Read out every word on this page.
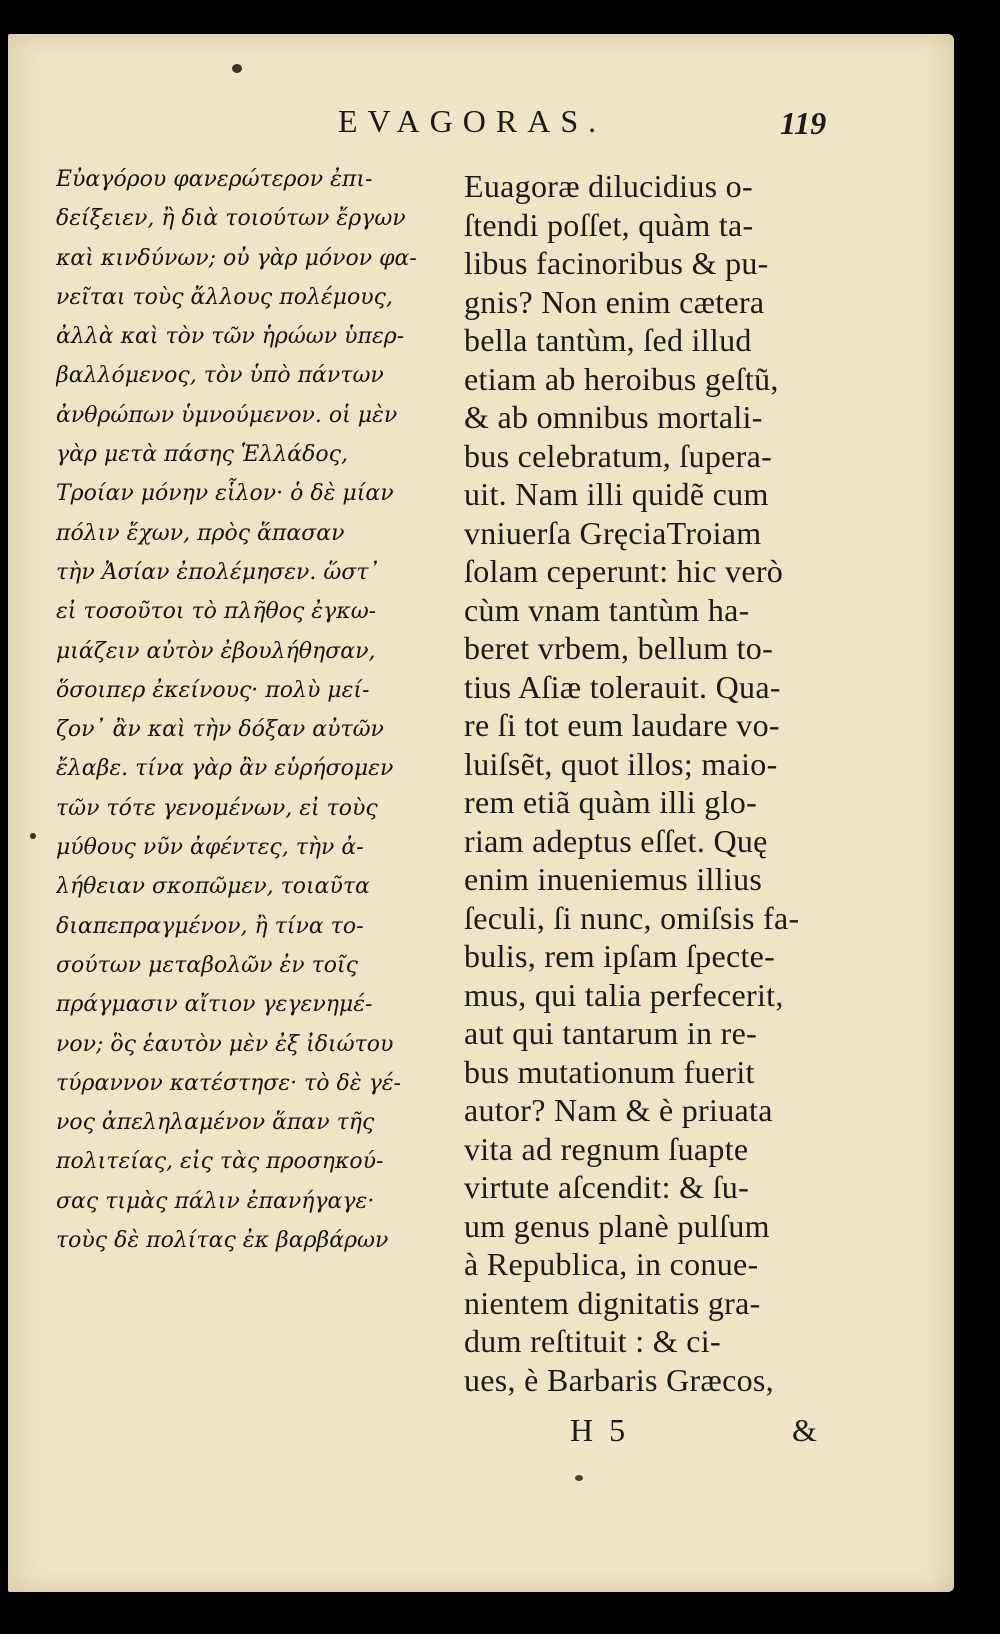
EVAGORAS.	119
Εὐαγόρου φανερώτερον ἐπι-
δείξειεν, ἢ διὰ τοιούτων ἔργων
καὶ κινδύνων; οὐ γὰρ μόνον φα-
νεῖται τοὺς ἄλλους πολέμους,
ἀλλὰ καὶ τὸν τῶν ἡρώων ὑπερ-
βαλλόμενος, τὸν ὑπὸ πάντων
ἀνθρώπων ὑμνούμενον. οἱ μὲν
γὰρ μετὰ πάσης Ἑλλάδος,
Τροίαν μόνην εἷλον· ὁ δὲ μίαν
πόλιν ἔχων, πρὸς ἅπασαν
τὴν Ἀσίαν ἐπολέμησεν. ὥστ᾽
εἰ τοσοῦτοι τὸ πλῆθος ἐγκω-
μιάζειν αὐτὸν ἐβουλήθησαν,
ὅσοιπερ ἐκείνους· πολὺ μεί-
ζον᾽ ἂν καὶ τὴν δόξαν αὐτῶν
ἔλαβε. τίνα γὰρ ἂν εὑρήσομεν
τῶν τότε γενομένων, εἰ τοὺς
μύθους νῦν ἀφέντες, τὴν ἀ-
λήθειαν σκοπῶμεν, τοιαῦτα
διαπεπραγμένον, ἢ τίνα το-
σούτων μεταβολῶν ἐν τοῖς
πράγμασιν αἴτιον γεγενημέ-
νον; ὃς ἑαυτὸν μὲν ἐξ ἰδιώτου
τύραννον κατέστησε· τὸ δὲ γέ-
νος ἀπεληλαμένον ἅπαν τῆς
πολιτείας, εἰς τὰς προσηκού-
σας τιμὰς πάλιν ἐπανήγαγε·
τοὺς δὲ πολίτας ἐκ βαρβάρων
Euagoræ dilucidius o-
ſtendi poſſet, quàm ta-
libus facinoribus & pu-
gnis? Non enim cætera
bella tantùm, ſed illud
etiam ab heroibus geſtũ,
& ab omnibus mortali-
bus celebratum, ſupera-
uit. Nam illi quidẽ cum
vniuerſa GręciaTroiam
ſolam ceperunt: hic verò
cùm vnam tantùm ha-
beret vrbem, bellum to-
tius Aſiæ tolerauit. Qua-
re ſi tot eum laudare vo-
luiſsẽt, quot illos; maio-
rem etiã quàm illi glo-
riam adeptus eſſet. Quę
enim inueniemus illius
ſeculi, ſi nunc, omiſsis fa-
bulis, rem ipſam ſpecte-
mus, qui talia perfecerit,
aut qui tantarum in re-
bus mutationum fuerit
autor? Nam & è priuata
vita ad regnum ſuapte
virtute aſcendit: & ſu-
um genus planè pulſum
à Republica, in conue-
nientem dignitatis gra-
dum reſtituit : & ci-
ues, è Barbaris Græcos,
H 5	&
